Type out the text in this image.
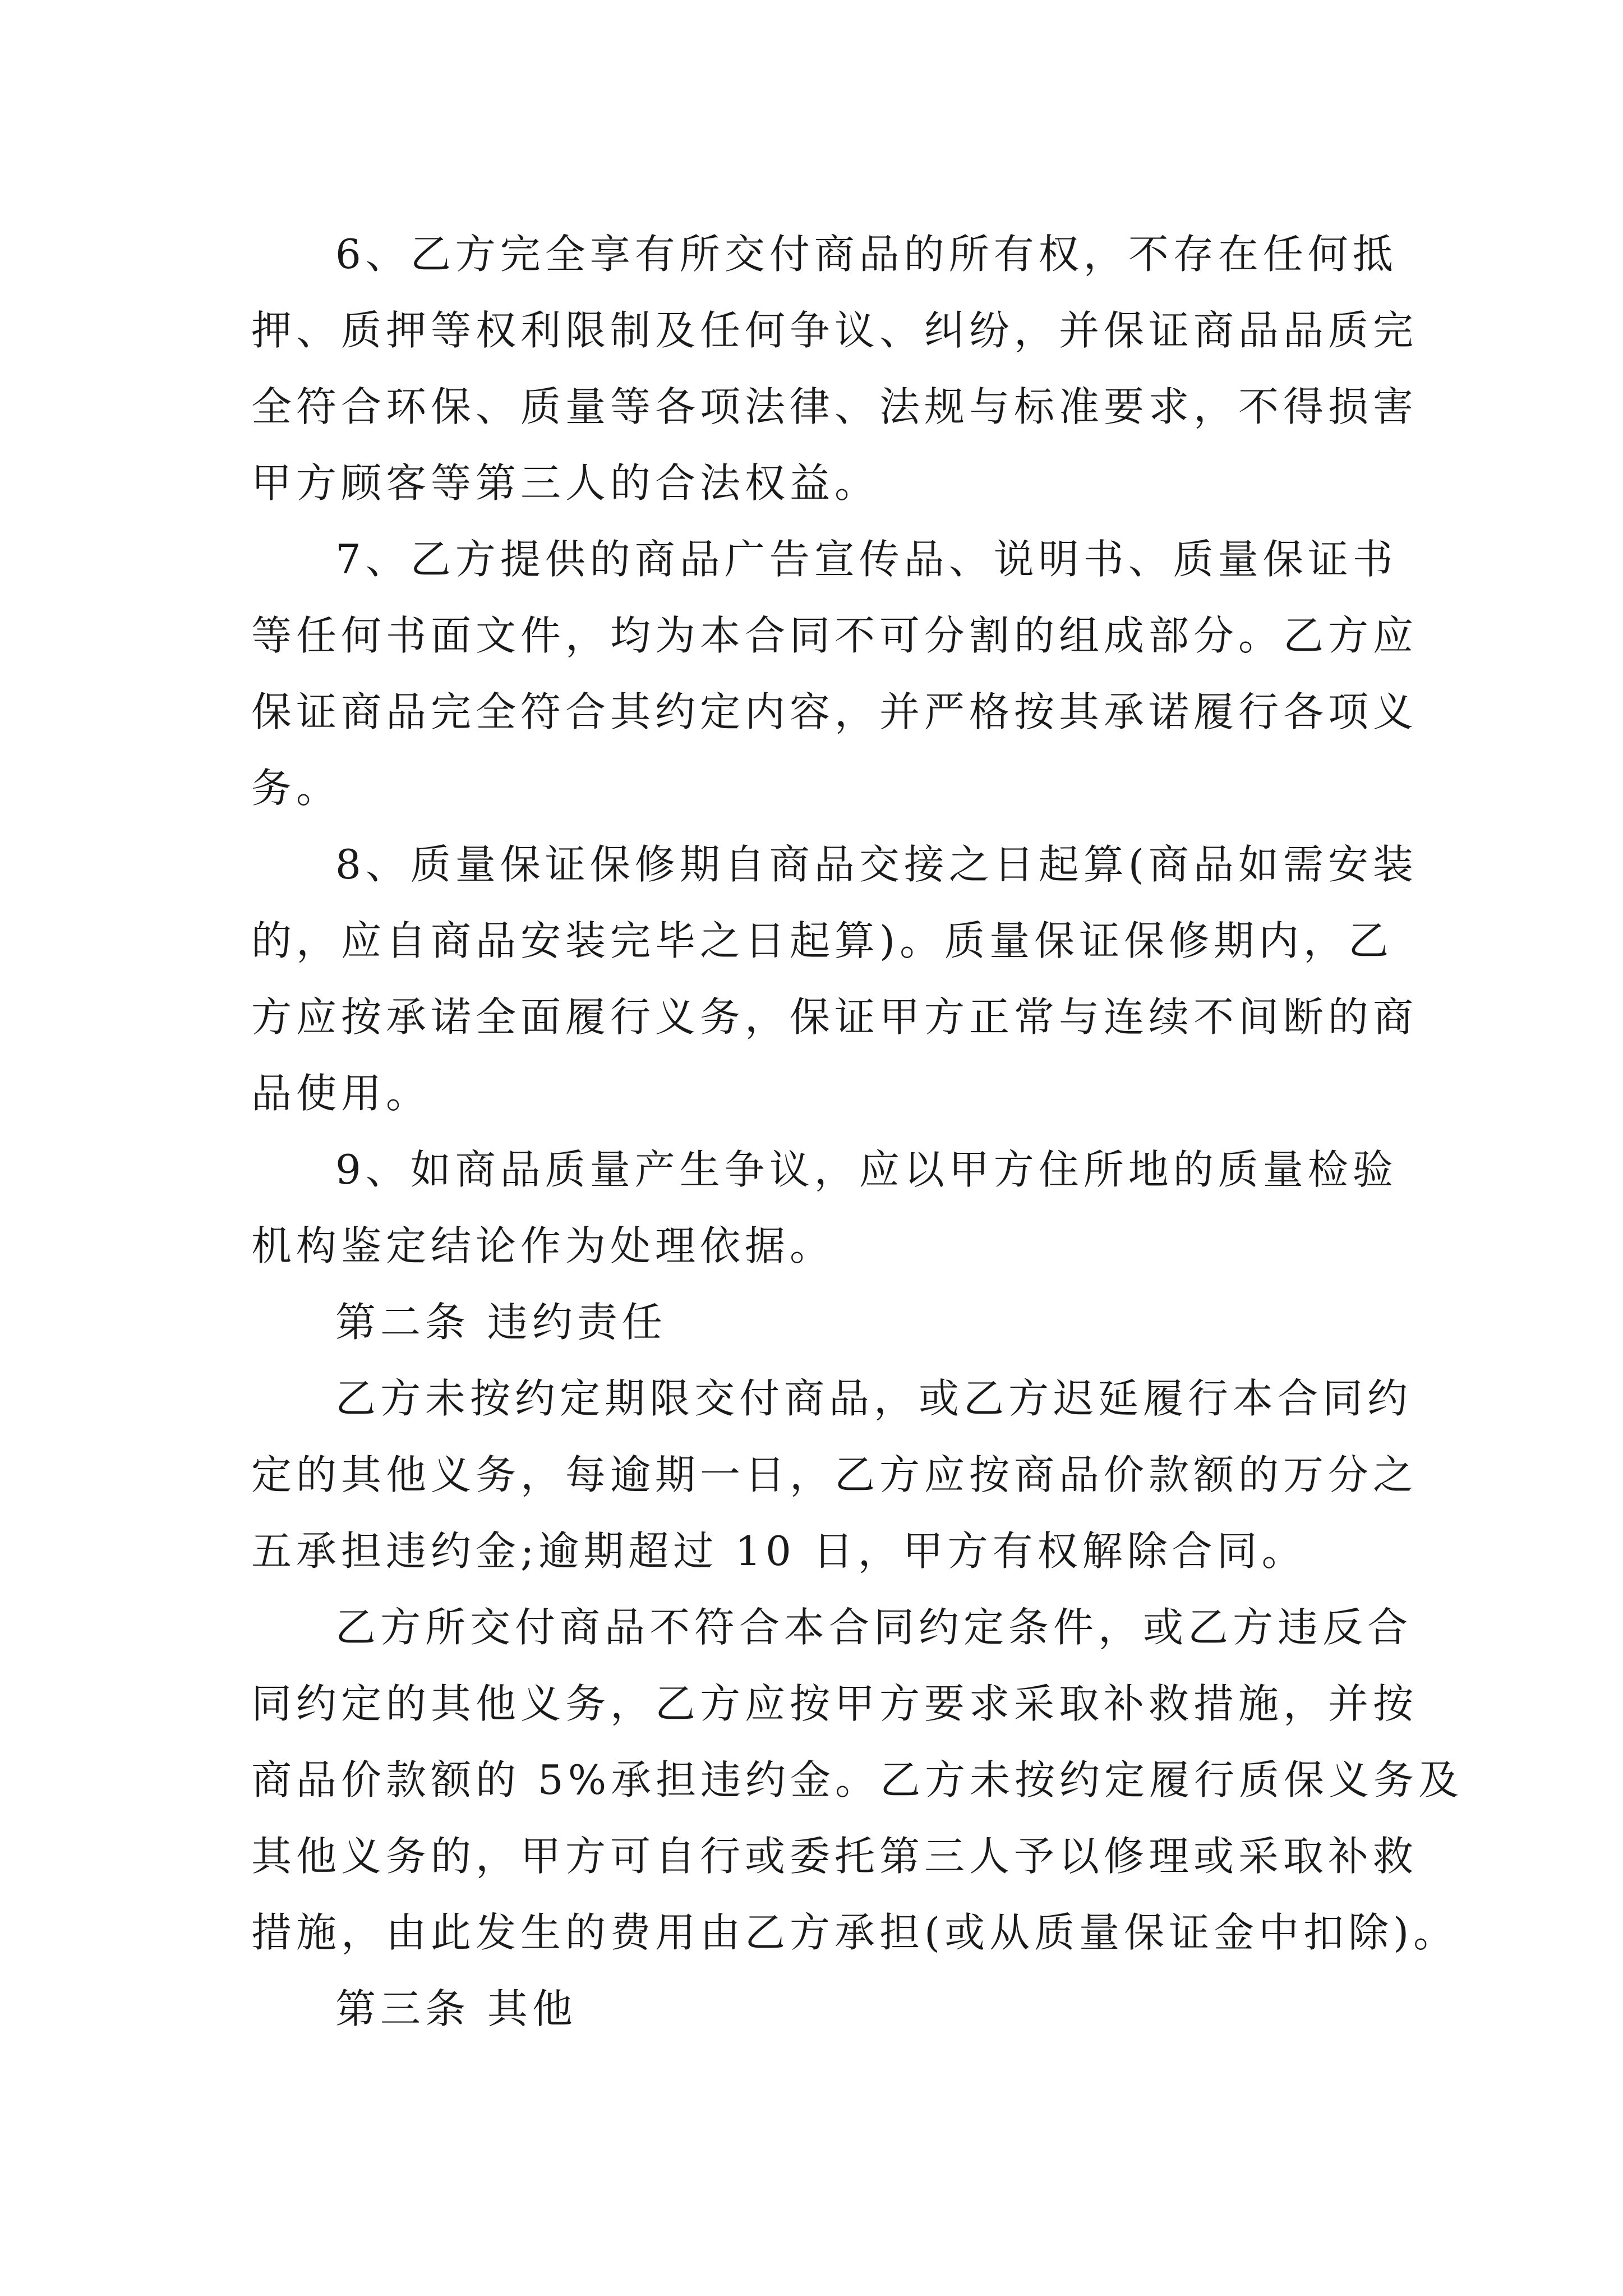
6、乙方完全享有所交付商品的所有权，不存在任何抵
押、质押等权利限制及任何争议、纠纷，并保证商品品质完
全符合环保、质量等各项法律、法规与标准要求，不得损害
甲方顾客等第三人的合法权益。
7、乙方提供的商品广告宣传品、说明书、质量保证书
等任何书面文件，均为本合同不可分割的组成部分。乙方应
保证商品完全符合其约定内容，并严格按其承诺履行各项义
务。
8、质量保证保修期自商品交接之日起算(商品如需安装
的，应自商品安装完毕之日起算)。质量保证保修期内，乙
方应按承诺全面履行义务，保证甲方正常与连续不间断的商
品使用。
9、如商品质量产生争议，应以甲方住所地的质量检验
机构鉴定结论作为处理依据。
第二条 违约责任
乙方未按约定期限交付商品，或乙方迟延履行本合同约
定的其他义务，每逾期一日，乙方应按商品价款额的万分之
五承担违约金;逾期超过 10 日，甲方有权解除合同。
乙方所交付商品不符合本合同约定条件，或乙方违反合
同约定的其他义务，乙方应按甲方要求采取补救措施，并按
商品价款额的 5%承担违约金。乙方未按约定履行质保义务及
其他义务的，甲方可自行或委托第三人予以修理或采取补救
措施，由此发生的费用由乙方承担(或从质量保证金中扣除)。
第三条 其他
